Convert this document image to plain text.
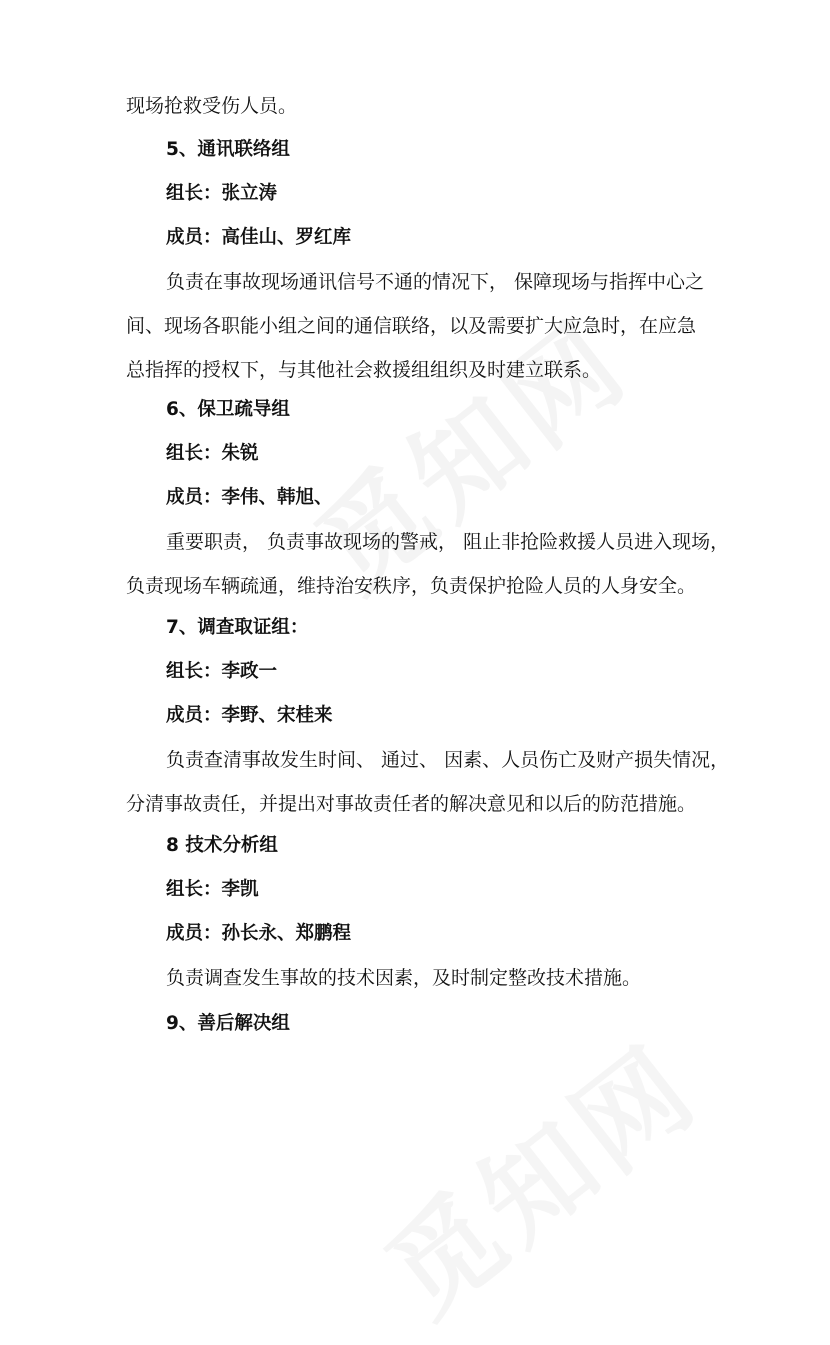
现场抢救受伤人员。
5、通讯联络组
组长：张立涛
成员：高佳山、罗红库
负责在事故现场通讯信号不通的情况下， 保障现场与指挥中心之
间、现场各职能小组之间的通信联络，以及需要扩大应急时，在应急
总指挥的授权下，与其他社会救援组组织及时建立联系。
6、保卫疏导组
组长：朱锐
成员：李伟、韩旭、
重要职责， 负责事故现场的警戒， 阻止非抢险救援人员进入现场，
负责现场车辆疏通，维持治安秩序，负责保护抢险人员的人身安全。
7、调查取证组：
组长：李政一
成员：李野、宋桂来
负责查清事故发生时间、 通过、 因素、人员伤亡及财产损失情况，
分清事故责任，并提出对事故责任者的解决意见和以后的防范措施。
8 技术分析组
组长：李凯
成员：孙长永、郑鹏程
负责调查发生事故的技术因素，及时制定整改技术措施。
9、善后解决组
